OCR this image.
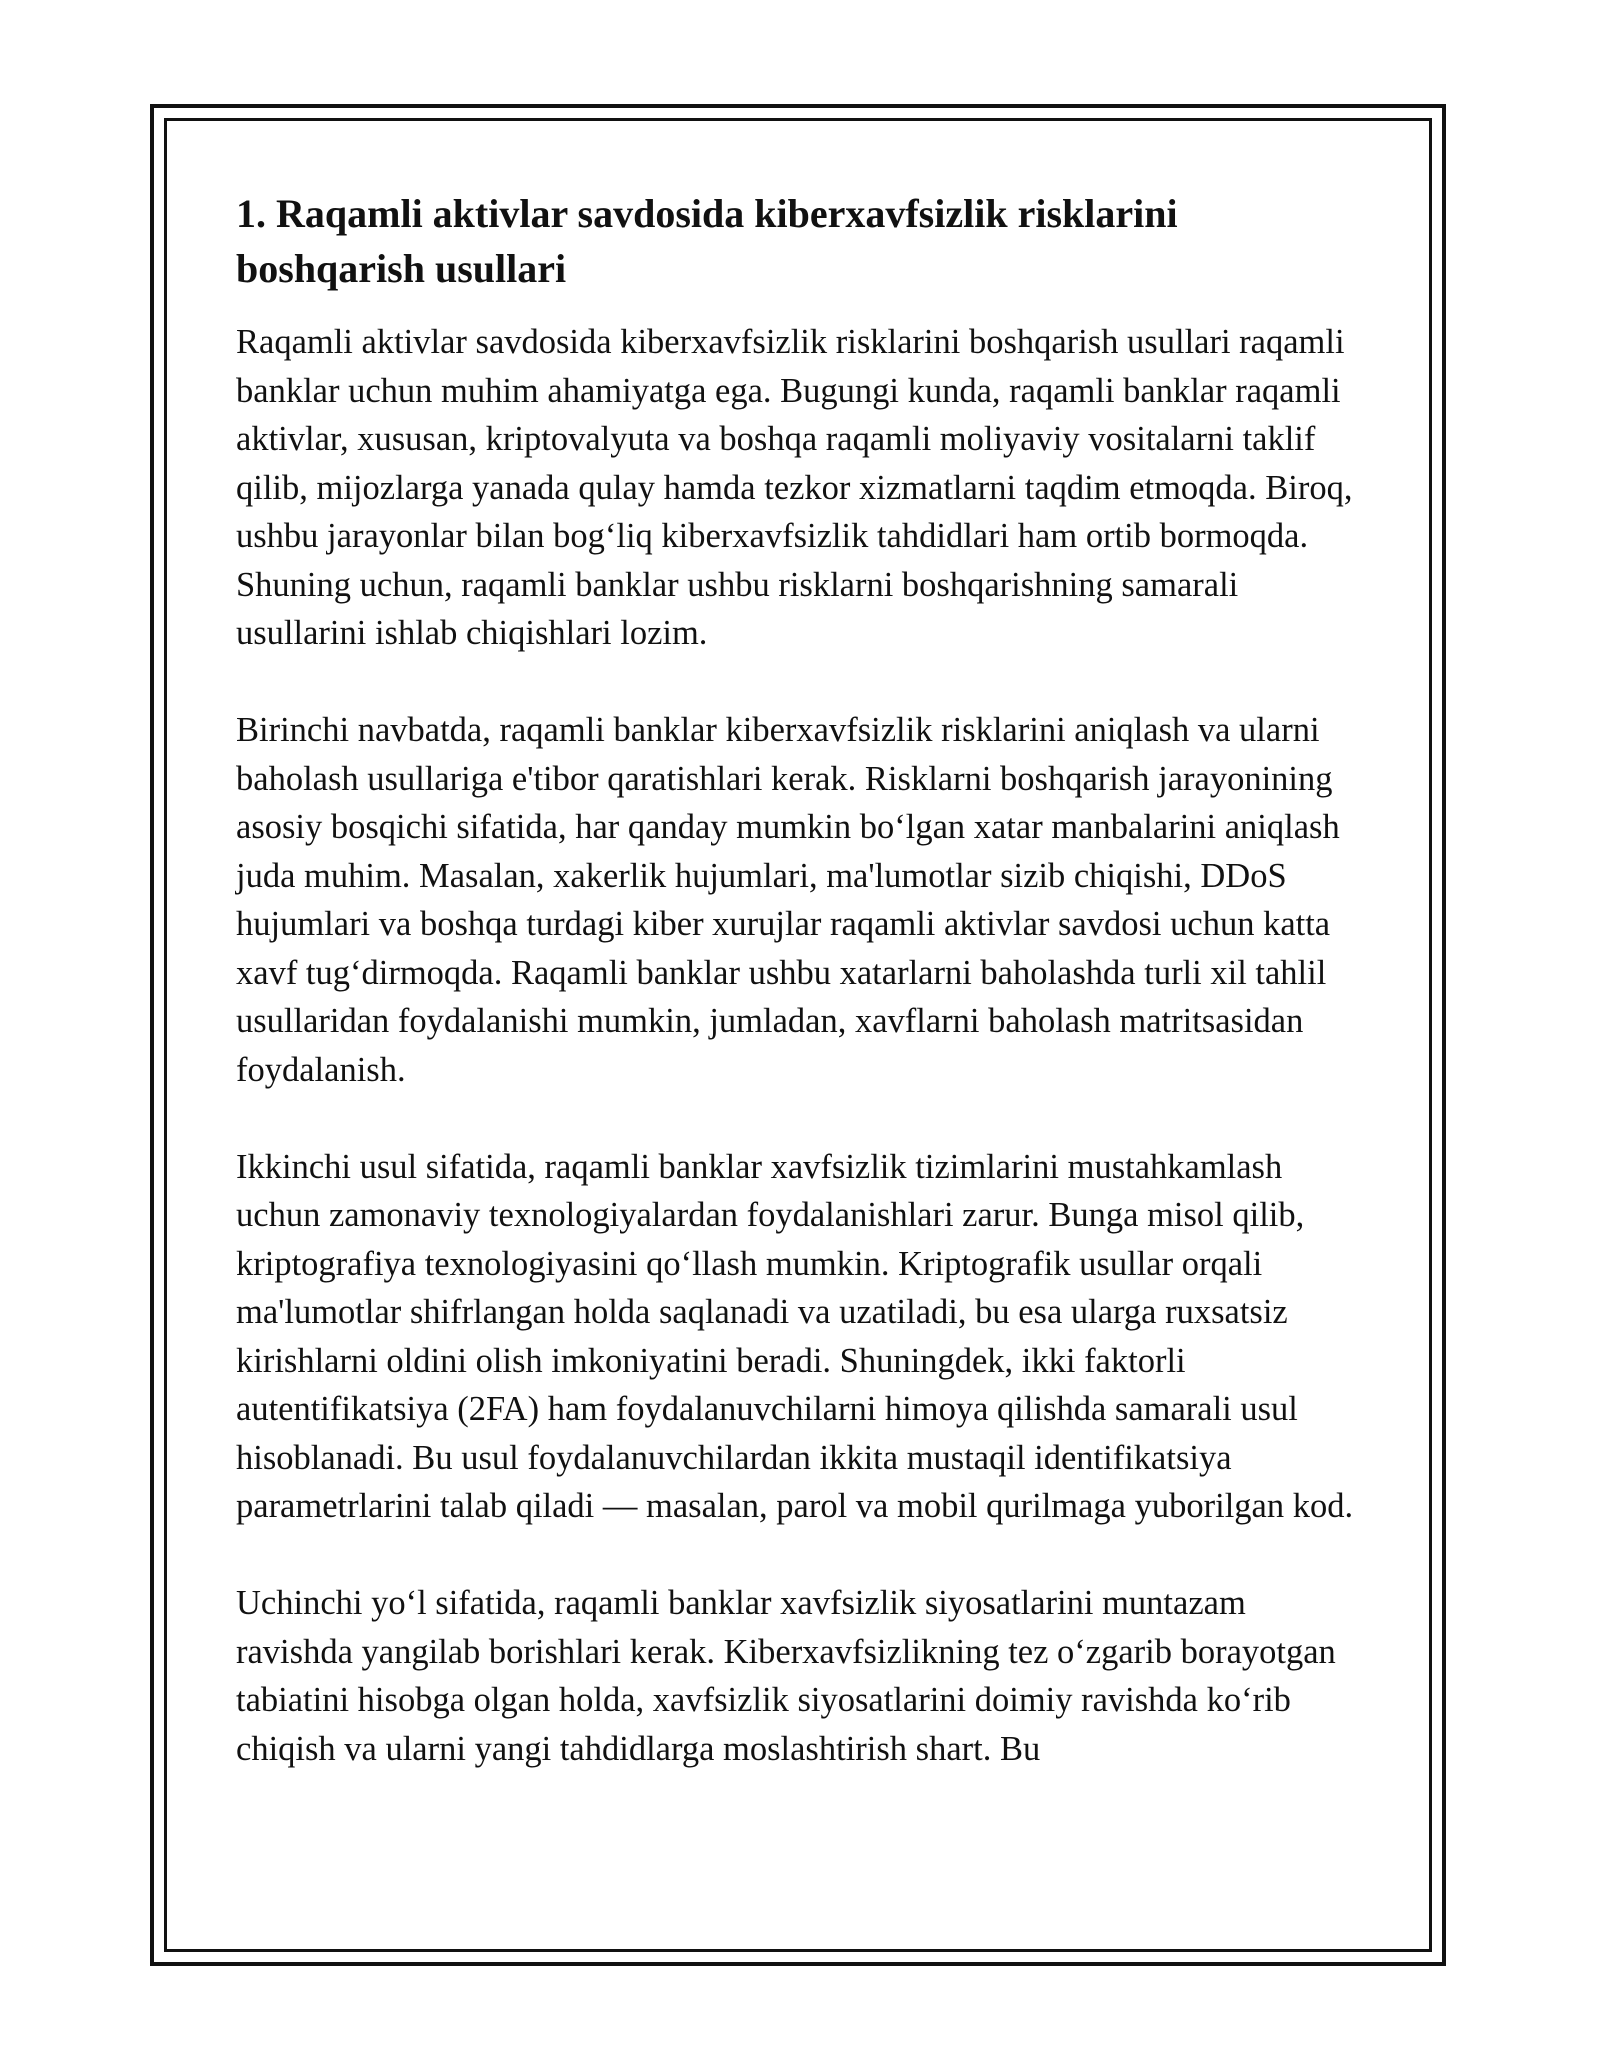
1. Raqamli aktivlar savdosida kiberxavfsizlik risklarini boshqarish usullari

Raqamli aktivlar savdosida kiberxavfsizlik risklarini boshqarish usullari raqamli banklar uchun muhim ahamiyatga ega. Bugungi kunda, raqamli banklar raqamli aktivlar, xususan, kriptovalyuta va boshqa raqamli moliyaviy vositalarni taklif qilib, mijozlarga yanada qulay hamda tezkor xizmatlarni taqdim etmoqda. Biroq, ushbu jarayonlar bilan bog‘liq kiberxavfsizlik tahdidlari ham ortib bormoqda. Shuning uchun, raqamli banklar ushbu risklarni boshqarishning samarali usullarini ishlab chiqishlari lozim.

Birinchi navbatda, raqamli banklar kiberxavfsizlik risklarini aniqlash va ularni baholash usullariga e'tibor qaratishlari kerak. Risklarni boshqarish jarayonining asosiy bosqichi sifatida, har qanday mumkin bo‘lgan xatar manbalarini aniqlash juda muhim. Masalan, xakerlik hujumlari, ma'lumotlar sizib chiqishi, DDoS hujumlari va boshqa turdagi kiber xurujlar raqamli aktivlar savdosi uchun katta xavf tug‘dirmoqda. Raqamli banklar ushbu xatarlarni baholashda turli xil tahlil usullaridan foydalanishi mumkin, jumladan, xavflarni baholash matritsasidan foydalanish.

Ikkinchi usul sifatida, raqamli banklar xavfsizlik tizimlarini mustahkamlash uchun zamonaviy texnologiyalardan foydalanishlari zarur. Bunga misol qilib, kriptografiya texnologiyasini qo‘llash mumkin. Kriptografik usullar orqali ma'lumotlar shifrlangan holda saqlanadi va uzatiladi, bu esa ularga ruxsatsiz kirishlarni oldini olish imkoniyatini beradi. Shuningdek, ikki faktorli autentifikatsiya (2FA) ham foydalanuvchilarni himoya qilishda samarali usul hisoblanadi. Bu usul foydalanuvchilardan ikkita mustaqil identifikatsiya parametrlarini talab qiladi — masalan, parol va mobil qurilmaga yuborilgan kod.

Uchinchi yo‘l sifatida, raqamli banklar xavfsizlik siyosatlarini muntazam ravishda yangilab borishlari kerak. Kiberxavfsizlikning tez o‘zgarib borayotgan tabiatini hisobga olgan holda, xavfsizlik siyosatlarini doimiy ravishda ko‘rib chiqish va ularni yangi tahdidlarga moslashtirish shart. Bu
